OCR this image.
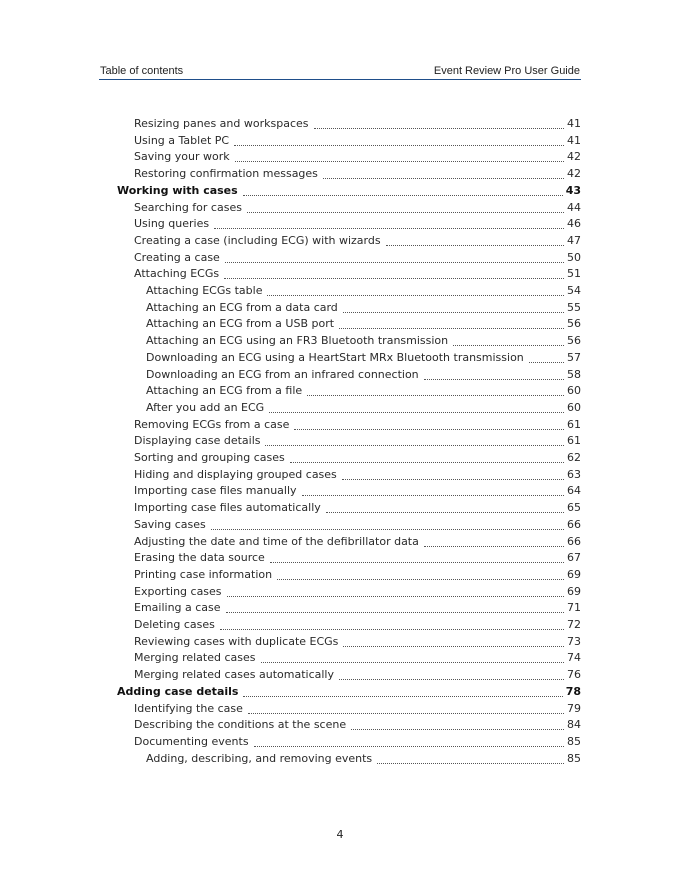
Table of contents	Event Review Pro User Guide
Resizing panes and workspaces	41
Using a Tablet PC	41
Saving your work	42
Restoring confirmation messages	42
Working with cases	43
Searching for cases	44
Using queries	46
Creating a case (including ECG) with wizards	47
Creating a case	50
Attaching ECGs	51
Attaching ECGs table	54
Attaching an ECG from a data card	55
Attaching an ECG from a USB port	56
Attaching an ECG using an FR3 Bluetooth transmission	56
Downloading an ECG using a HeartStart MRx Bluetooth transmission	57
Downloading an ECG from an infrared connection	58
Attaching an ECG from a file	60
After you add an ECG	60
Removing ECGs from a case	61
Displaying case details	61
Sorting and grouping cases	62
Hiding and displaying grouped cases	63
Importing case files manually	64
Importing case files automatically	65
Saving cases	66
Adjusting the date and time of the defibrillator data	66
Erasing the data source	67
Printing case information	69
Exporting cases	69
Emailing a case	71
Deleting cases	72
Reviewing cases with duplicate ECGs	73
Merging related cases	74
Merging related cases automatically	76
Adding case details	78
Identifying the case	79
Describing the conditions at the scene	84
Documenting events	85
Adding, describing, and removing events	85
4
